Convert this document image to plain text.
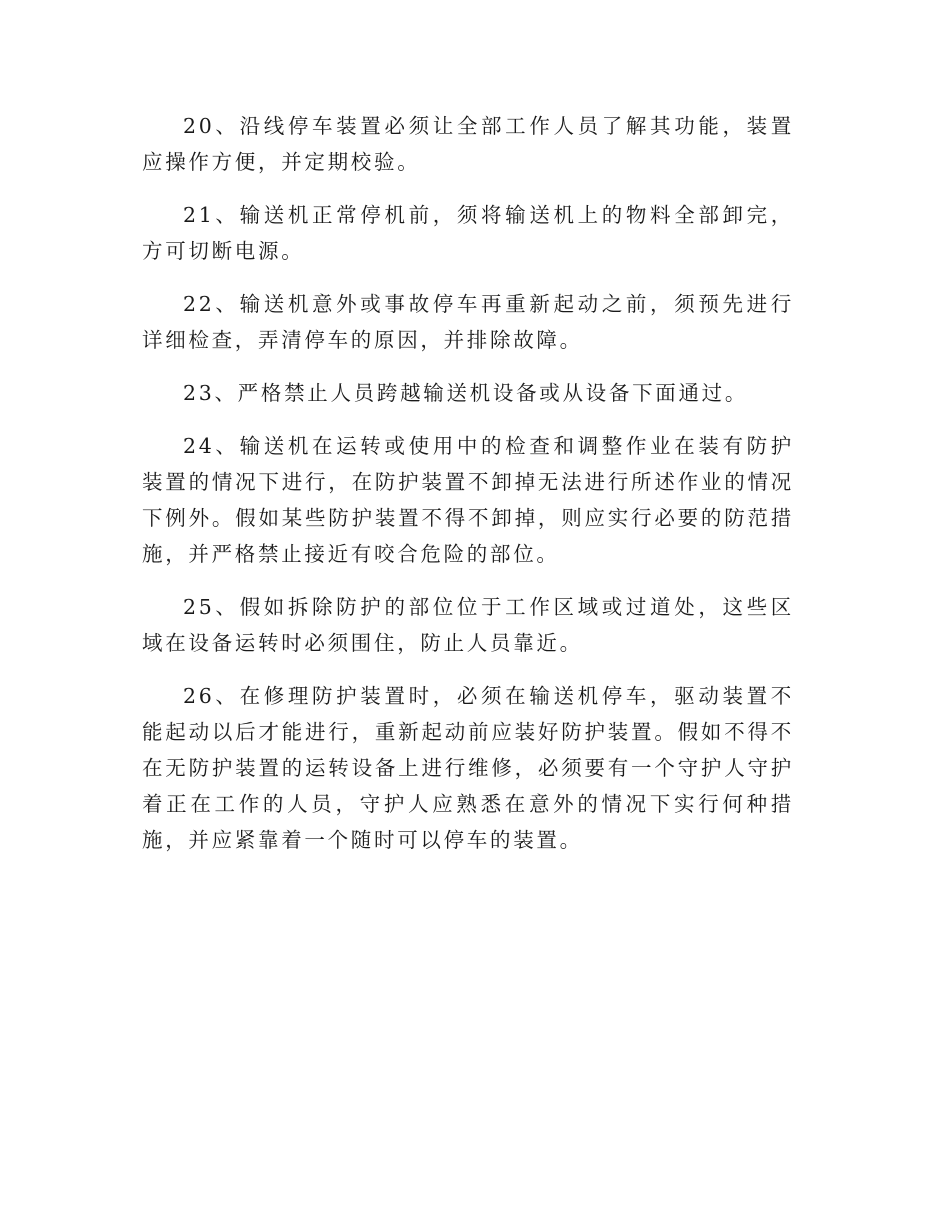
20、沿线停车装置必须让全部工作人员了解其功能，装置应操作方便，并定期校验。

21、输送机正常停机前，须将输送机上的物料全部卸完，方可切断电源。

22、输送机意外或事故停车再重新起动之前，须预先进行详细检查，弄清停车的原因，并排除故障。

23、严格禁止人员跨越输送机设备或从设备下面通过。

24、输送机在运转或使用中的检查和调整作业在装有防护装置的情况下进行，在防护装置不卸掉无法进行所述作业的情况下例外。假如某些防护装置不得不卸掉，则应实行必要的防范措施，并严格禁止接近有咬合危险的部位。

25、假如拆除防护的部位位于工作区域或过道处，这些区域在设备运转时必须围住，防止人员靠近。

26、在修理防护装置时，必须在输送机停车，驱动装置不能起动以后才能进行，重新起动前应装好防护装置。假如不得不在无防护装置的运转设备上进行维修，必须要有一个守护人守护着正在工作的人员，守护人应熟悉在意外的情况下实行何种措施，并应紧靠着一个随时可以停车的装置。
